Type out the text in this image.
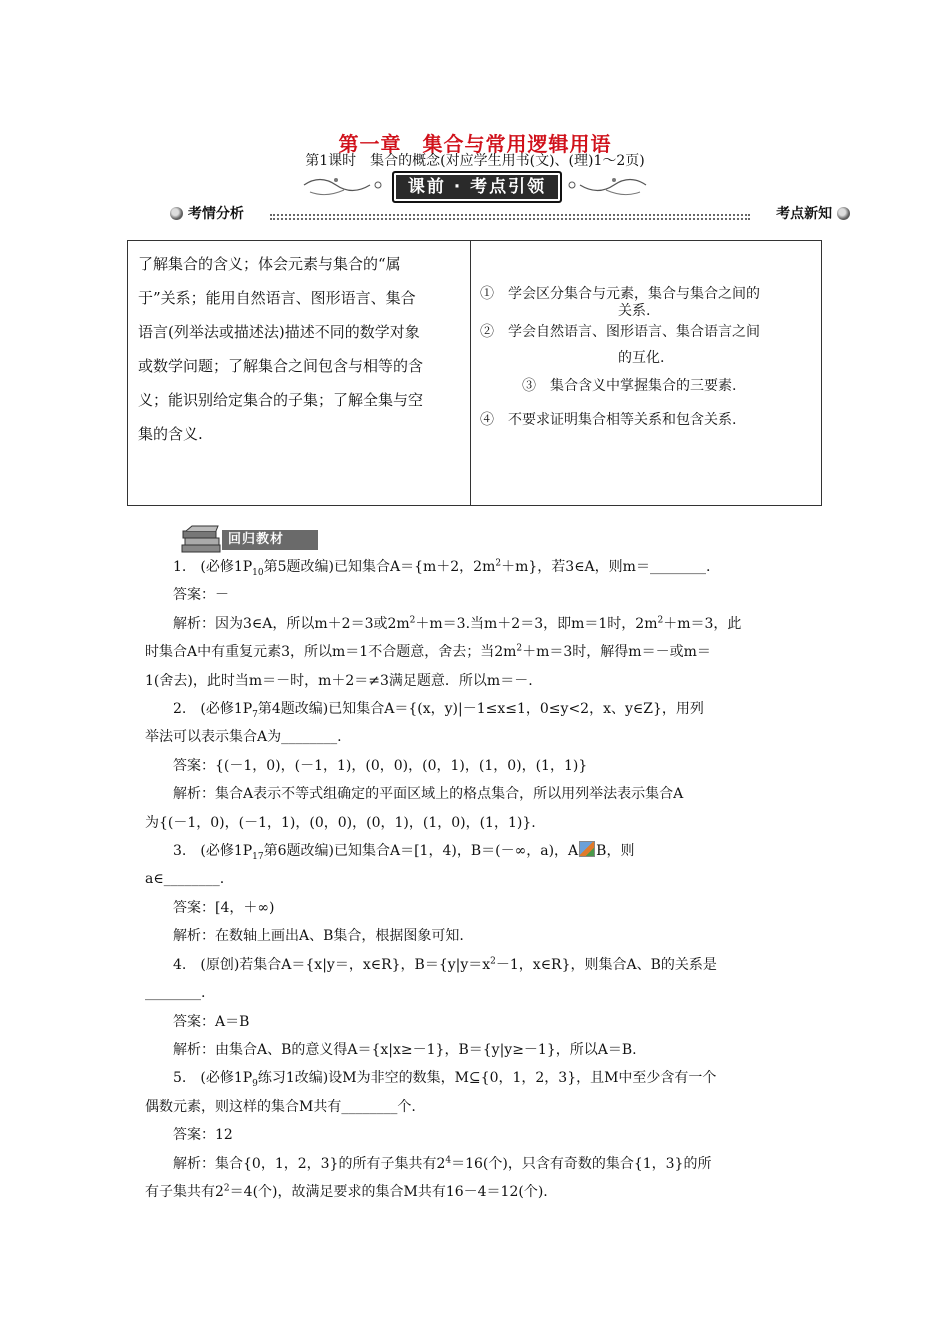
第一章　集合与常用逻辑用语
第1课时　集合的概念(对应学生用书(文)、(理)1～2页)
课前 · 考点引领
考情分析	考点新知
了解集合的含义；体会元素与集合的“属
于”关系；能用自然语言、图形语言、集合
语言(列举法或描述法)描述不同的数学对象
或数学问题；了解集合之间包含与相等的含
义；能识别给定集合的子集；了解全集与空
集的含义.
①　学会区分集合与元素，集合与集合之间的
关系.
②　学会自然语言、图形语言、集合语言之间
的互化.
③　集合含义中掌握集合的三要素.
④　不要求证明集合相等关系和包含关系.
回归教材

1.　(必修$1P_{10}$第5题改编)已知集合A＝{m＋2，$2m^2+m$}，若3∈A，则m＝________.

答案：－

解析：因为3∈A，所以m＋2＝3或$2m^2+m=3$.当m＋2＝3，即m＝1时，$2m^2+m=3$，此

时集合A中有重复元素3，所以m＝1不合题意，舍去；当$2m^2+m=3$时，解得m＝－或m＝

1(舍去)，此时当m＝－时，m＋2＝≠3满足题意．所以m＝－.

2.　(必修$1P_7$第4题改编)已知集合A＝{(x，y)|－1≤x≤1，0≤y<2，x、y∈Z}，用列

举法可以表示集合A为________.

答案：{(－1，0)，(－1，1)，(0，0)，(0，1)，(1，0)，(1，1)}

解析：集合A表示不等式组确定的平面区域上的格点集合，所以用列举法表示集合A

为{(－1，0)，(－1，1)，(0，0)，(0，1)，(1，0)，(1，1)}.

3.　(必修$1P_{17}$第6题改编)已知集合A＝[1，4)，B＝(－∞，a)，A B，则

a∈________.

答案：[4，＋∞)

解析：在数轴上画出A、B集合，根据图象可知.

4.　(原创)若集合A＝{x|y＝，x∈R}，$B=\{y|y=x^2-1$，x∈R}，则集合A、B的关系是

________.

答案：A＝B

解析：由集合A、B的意义得A＝{x|x≥－1}，B＝{y|y≥－1}，所以A＝B.

5.　(必修$1P_9$练习1改编)设M为非空的数集，M⊆{0，1，2，3}，且M中至少含有一个

偶数元素，则这样的集合M共有________个.

答案：12

解析：集合{0，1，2，3}的所有子集共有$2^4=16$(个)，只含有奇数的集合{1，3}的所

有子集共有$2^2=4$(个)，故满足要求的集合M共有16－4＝12(个).
